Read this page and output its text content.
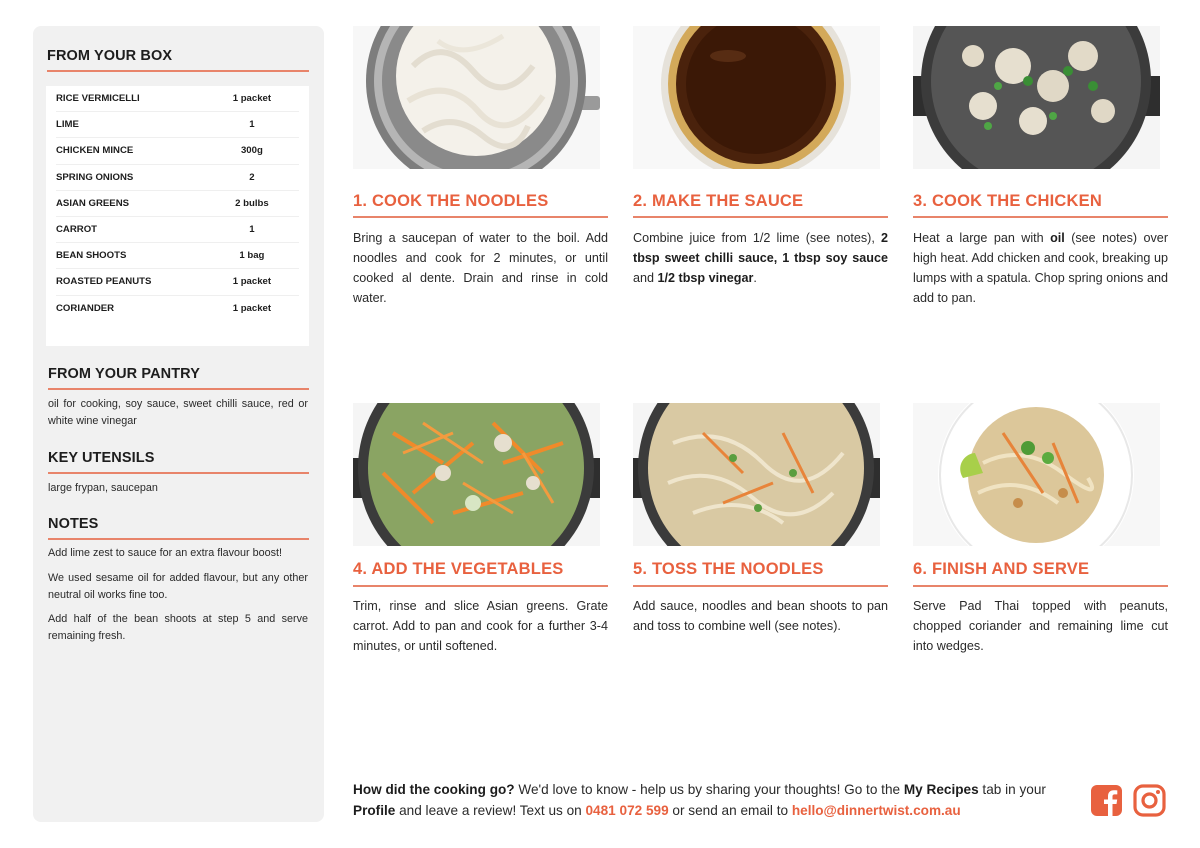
FROM YOUR BOX
RICE VERMICELLI	1 packet
LIME	1
CHICKEN MINCE	300g
SPRING ONIONS	2
ASIAN GREENS	2 bulbs
CARROT	1
BEAN SHOOTS	1 bag
ROASTED PEANUTS	1 packet
CORIANDER	1 packet
FROM YOUR PANTRY
oil for cooking, soy sauce, sweet chilli sauce, red or white wine vinegar
KEY UTENSILS
large frypan, saucepan
NOTES
Add lime zest to sauce for an extra flavour boost!
We used sesame oil for added flavour, but any other neutral oil works fine too.
Add half of the bean shoots at step 5 and serve remaining fresh.
1. COOK THE NOODLES
Bring a saucepan of water to the boil. Add noodles and cook for 2 minutes, or until cooked al dente. Drain and rinse in cold water.
2. MAKE THE SAUCE
Combine juice from 1/2 lime (see notes), 2 tbsp sweet chilli sauce, 1 tbsp soy sauce and 1/2 tbsp vinegar.
3. COOK THE CHICKEN
Heat a large pan with oil (see notes) over high heat. Add chicken and cook, breaking up lumps with a spatula. Chop spring onions and add to pan.
4. ADD THE VEGETABLES
Trim, rinse and slice Asian greens. Grate carrot. Add to pan and cook for a further 3-4 minutes, or until softened.
5. TOSS THE NOODLES
Add sauce, noodles and bean shoots to pan and toss to combine well (see notes).
6. FINISH AND SERVE
Serve Pad Thai topped with peanuts, chopped coriander and remaining lime cut into wedges.
How did the cooking go? We'd love to know - help us by sharing your thoughts! Go to the My Recipes tab in your Profile and leave a review! Text us on 0481 072 599 or send an email to hello@dinnertwist.com.au
